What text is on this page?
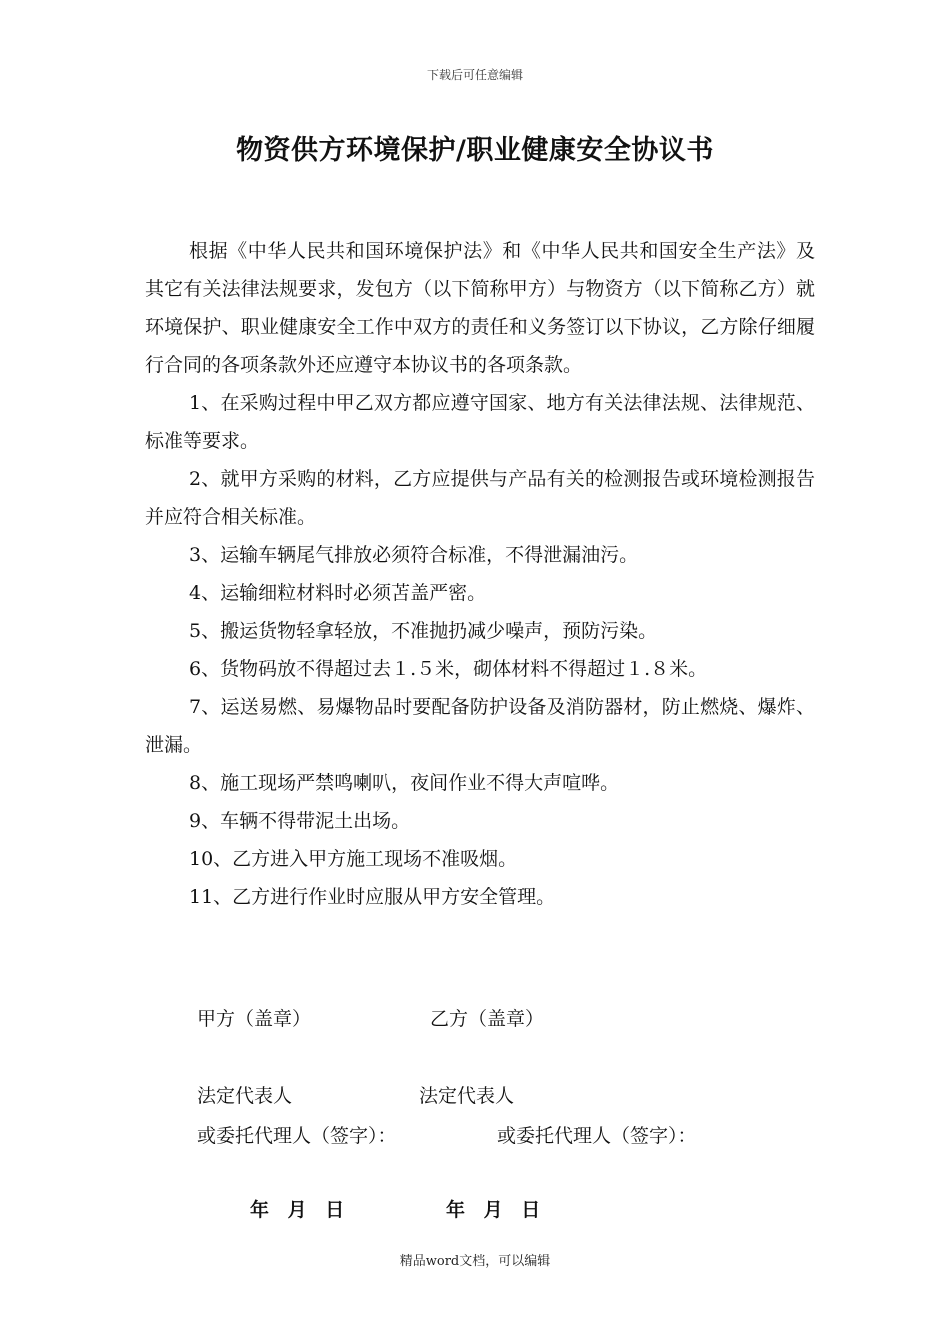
下载后可任意编辑
物资供方环境保护/职业健康安全协议书

根据《中华人民共和国环境保护法》和《中华人民共和国安全生产法》及其它有关法律法规要求，发包方（以下简称甲方）与物资方（以下简称乙方）就环境保护、职业健康安全工作中双方的责任和义务签订以下协议，乙方除仔细履行合同的各项条款外还应遵守本协议书的各项条款。

1、在采购过程中甲乙双方都应遵守国家、地方有关法律法规、法律规范、标准等要求。

2、就甲方采购的材料，乙方应提供与产品有关的检测报告或环境检测报告并应符合相关标准。

3、运输车辆尾气排放必须符合标准，不得泄漏油污。

4、运输细粒材料时必须苫盖严密。

5、搬运货物轻拿轻放，不准抛扔减少噪声，预防污染。

6、货物码放不得超过去１.５米，砌体材料不得超过１.８米。

7、运送易燃、易爆物品时要配备防护设备及消防器材，防止燃烧、爆炸、泄漏。

8、施工现场严禁鸣喇叭，夜间作业不得大声喧哗。

9、车辆不得带泥土出场。

10、乙方进入甲方施工现场不准吸烟。

11、乙方进行作业时应服从甲方安全管理。

甲方（盖章）	乙方（盖章）
法定代表人	法定代表人
或委托代理人（签字）：	或委托代理人（签字）：
年 月 日	年 月 日
精品word文档，可以编辑
